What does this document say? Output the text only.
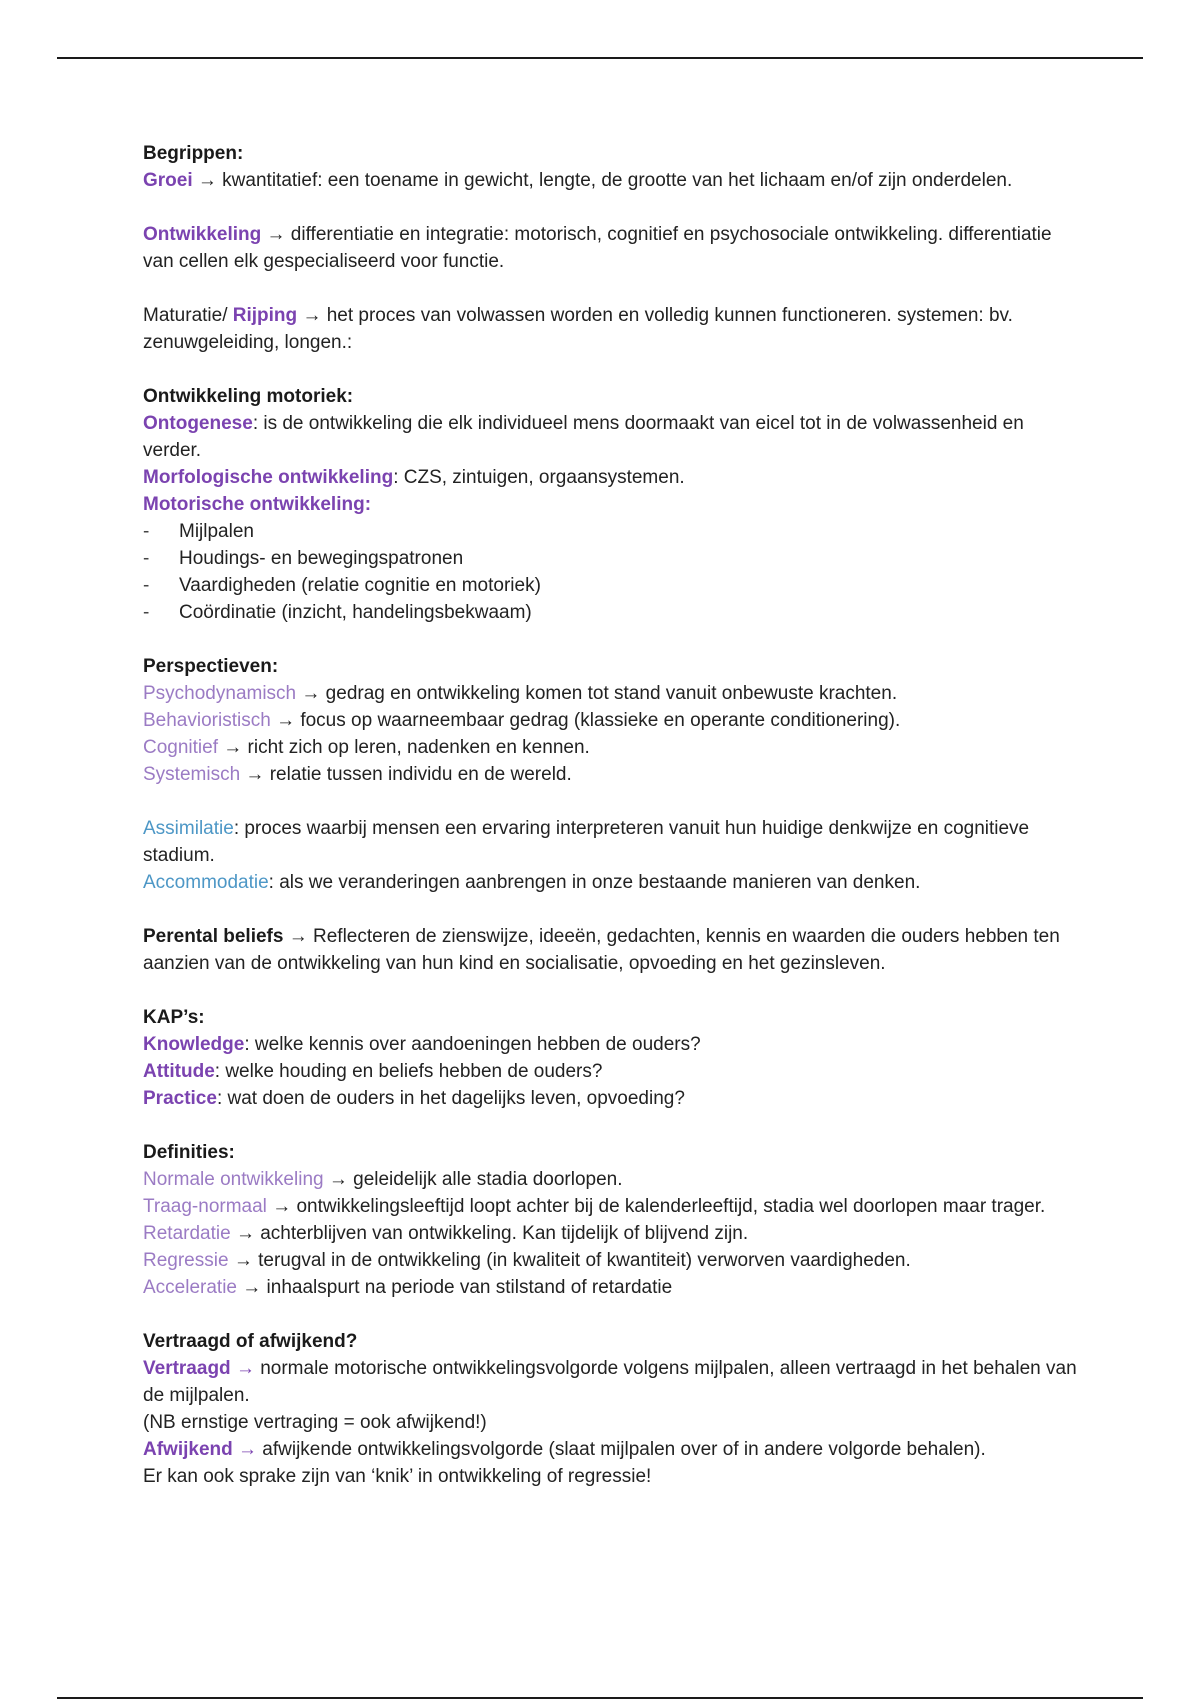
Begrippen:

Groei → kwantitatief: een toename in gewicht, lengte, de grootte van het lichaam en/of zijn onderdelen.

Ontwikkeling → differentiatie en integratie: motorisch, cognitief en psychosociale ontwikkeling. differentiatie van cellen elk gespecialiseerd voor functie.

Maturatie/ Rijping → het proces van volwassen worden en volledig kunnen functioneren. systemen: bv. zenuwgeleiding, longen.:

Ontwikkeling motoriek:

Ontogenese: is de ontwikkeling die elk individueel mens doormaakt van eicel tot in de volwassenheid en verder.

Morfologische ontwikkeling: CZS, zintuigen, orgaansystemen.

Motorische ontwikkeling:

- Mijlpalen
- Houdings- en bewegingspatronen
- Vaardigheden (relatie cognitie en motoriek)
- Coördinatie (inzicht, handelingsbekwaam)

Perspectieven:

Psychodynamisch → gedrag en ontwikkeling komen tot stand vanuit onbewuste krachten.

Behavioristisch → focus op waarneembaar gedrag (klassieke en operante conditionering).

Cognitief → richt zich op leren, nadenken en kennen.

Systemisch → relatie tussen individu en de wereld.

Assimilatie: proces waarbij mensen een ervaring interpreteren vanuit hun huidige denkwijze en cognitieve stadium.

Accommodatie: als we veranderingen aanbrengen in onze bestaande manieren van denken.

Perental beliefs → Reflecteren de zienswijze, ideeën, gedachten, kennis en waarden die ouders hebben ten aanzien van de ontwikkeling van hun kind en socialisatie, opvoeding en het gezinsleven.

KAP’s:

Knowledge: welke kennis over aandoeningen hebben de ouders?

Attitude: welke houding en beliefs hebben de ouders?

Practice: wat doen de ouders in het dagelijks leven, opvoeding?

Definities:

Normale ontwikkeling → geleidelijk alle stadia doorlopen.

Traag-normaal → ontwikkelingsleeftijd loopt achter bij de kalenderleeftijd, stadia wel doorlopen maar trager.

Retardatie → achterblijven van ontwikkeling. Kan tijdelijk of blijvend zijn.

Regressie → terugval in de ontwikkeling (in kwaliteit of kwantiteit) verworven vaardigheden.

Acceleratie → inhaalspurt na periode van stilstand of retardatie

Vertraagd of afwijkend?

Vertraagd → normale motorische ontwikkelingsvolgorde volgens mijlpalen, alleen vertraagd in het behalen van de mijlpalen.

(NB ernstige vertraging = ook afwijkend!)

Afwijkend → afwijkende ontwikkelingsvolgorde (slaat mijlpalen over of in andere volgorde behalen).

Er kan ook sprake zijn van ‘knik’ in ontwikkeling of regressie!
